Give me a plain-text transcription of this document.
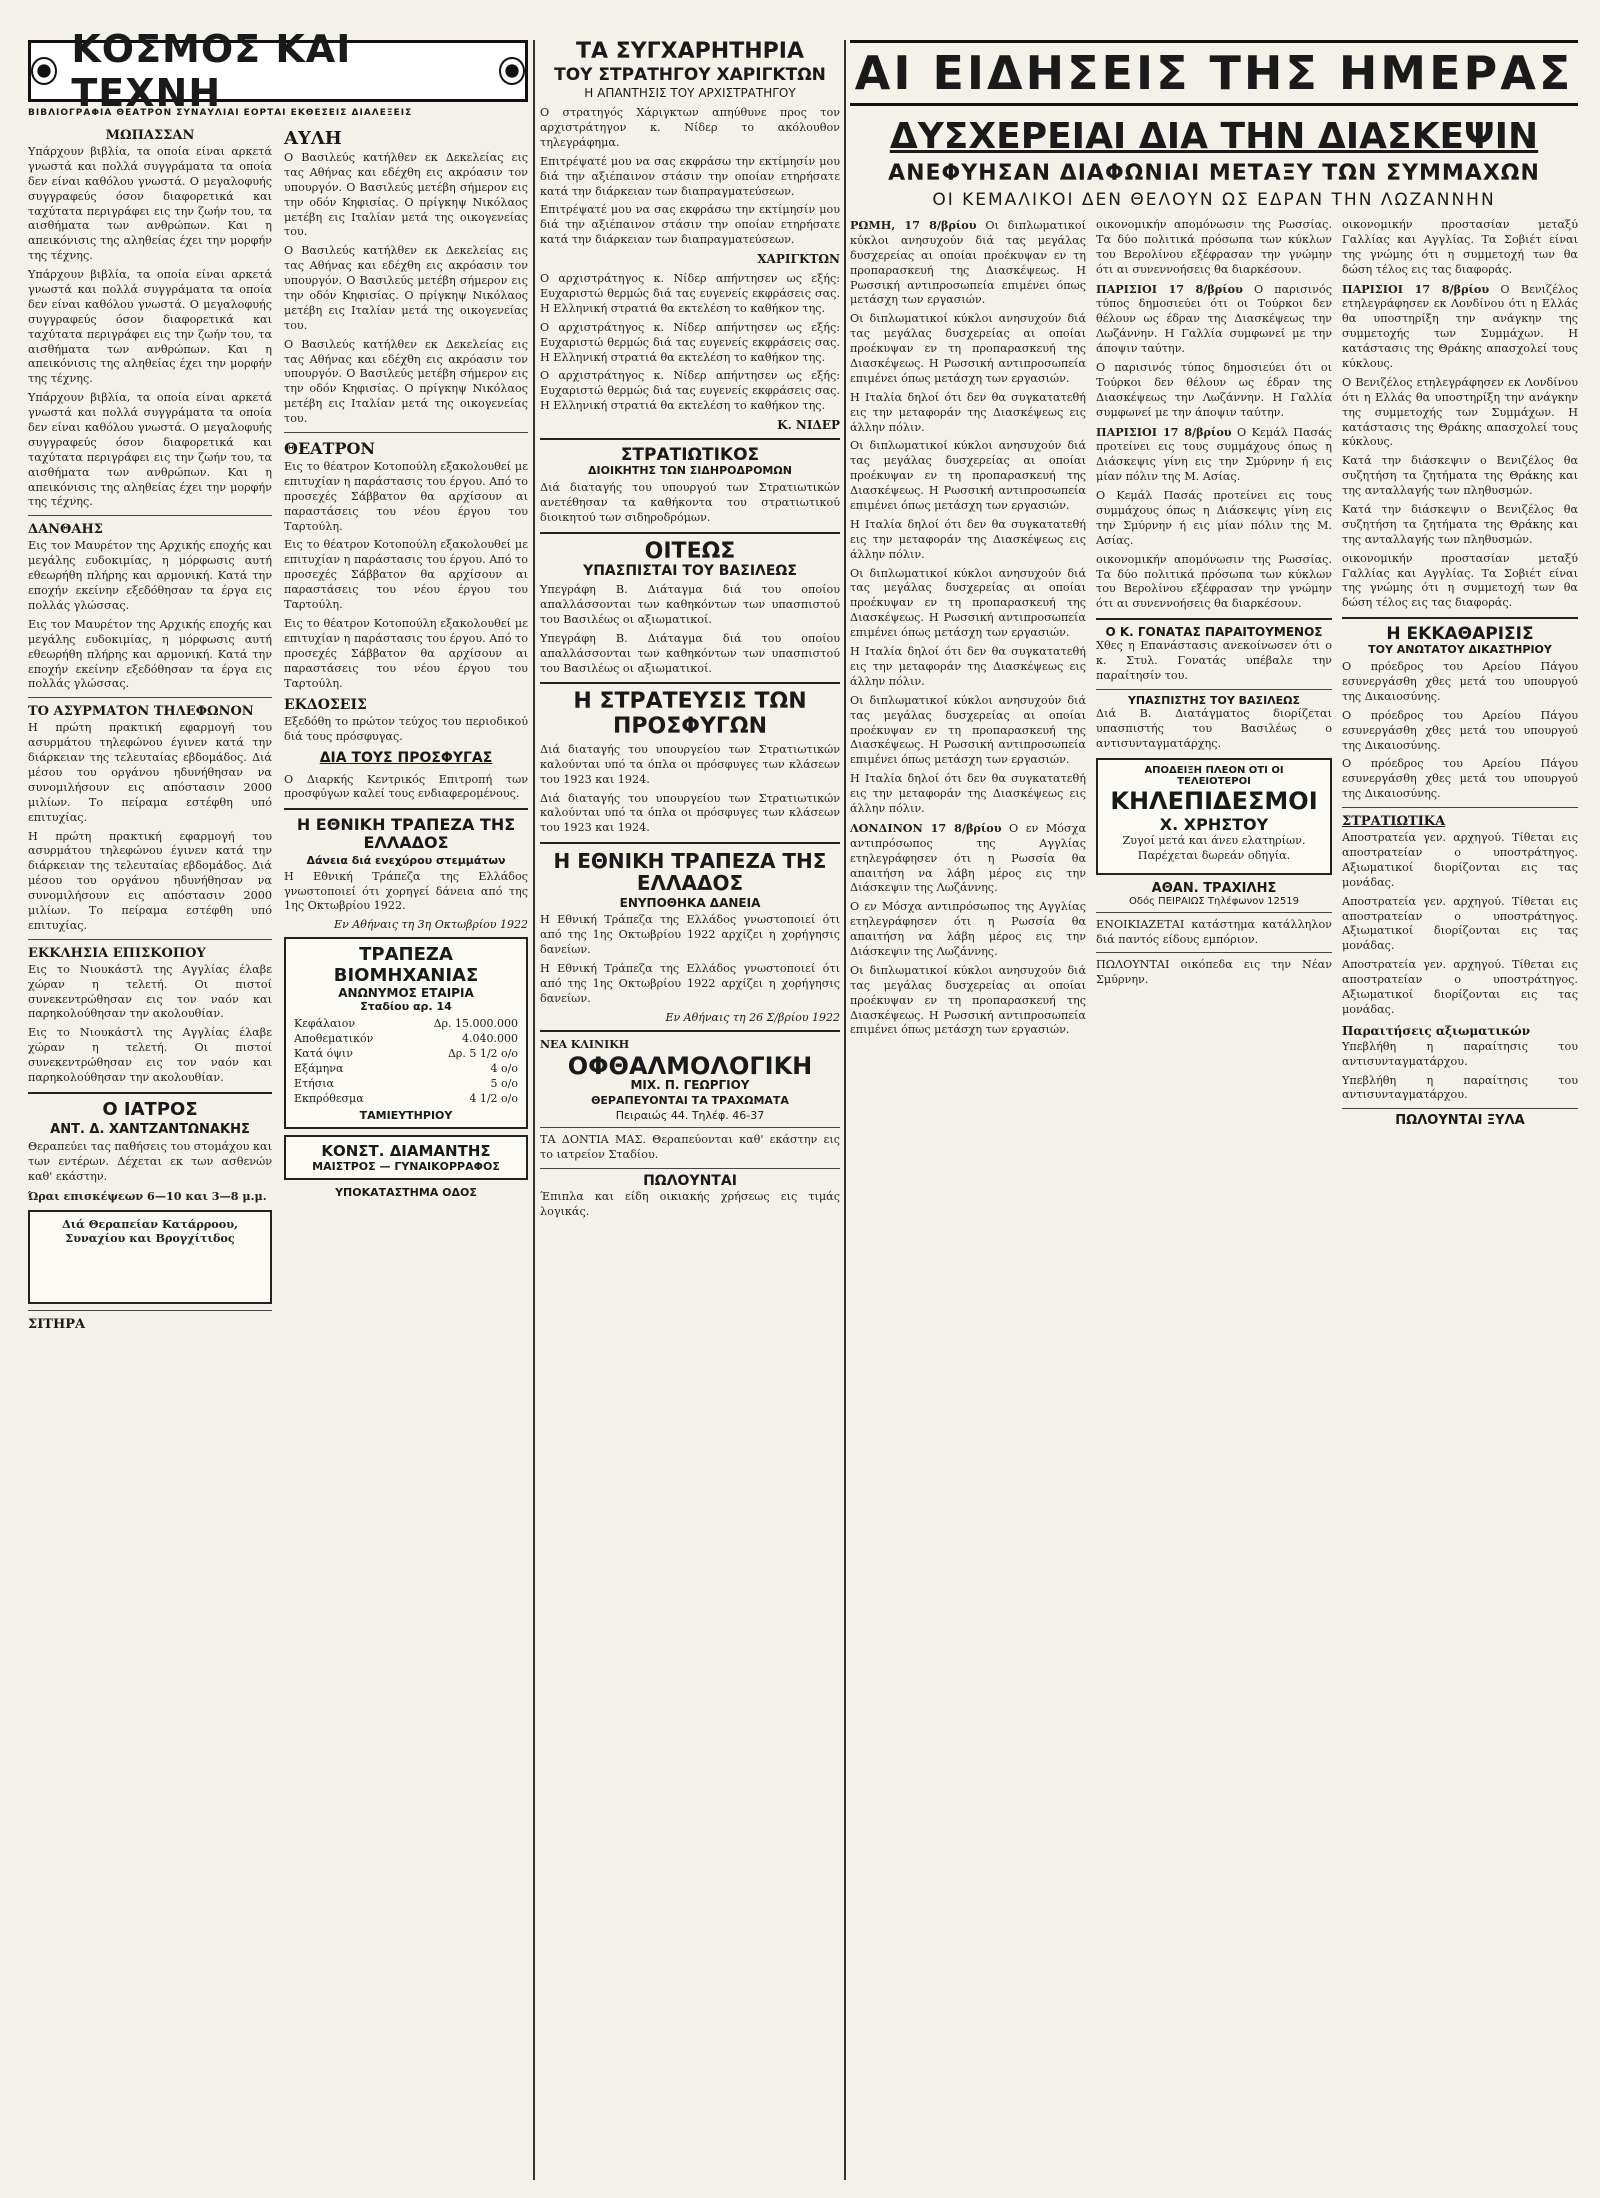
ΚΟΣΜΟΣ ΚΑΙ ΤΕΧΝΗ
ΒΙΒΛΙΟΓΡΑΦΙΑ ΘΕΑΤΡΟΝ ΣΥΝΑΥΛΙΑΙ ΕΟΡΤΑΙ ΕΚΘΕΣΕΙΣ ΔΙΑΛΕΞΕΙΣ
ΜΩΠΑΣΣΑΝ

Υπάρχουν βιβλία, τα οποία είναι αρκετά γνωστά και πολλά συγγράματα τα οποία δεν είναι καθόλου γνωστά. Ο μεγαλοφυής συγγραφεύς όσον διαφορετικά και ταχύτατα περιγράφει εις την ζωήν του, τα αισθήματα των ανθρώπων. Και η απεικόνισις της αληθείας έχει την μορφήν της τέχνης.

Υπάρχουν βιβλία, τα οποία είναι αρκετά γνωστά και πολλά συγγράματα τα οποία δεν είναι καθόλου γνωστά. Ο μεγαλοφυής συγγραφεύς όσον διαφορετικά και ταχύτατα περιγράφει εις την ζωήν του, τα αισθήματα των ανθρώπων. Και η απεικόνισις της αληθείας έχει την μορφήν της τέχνης.

Υπάρχουν βιβλία, τα οποία είναι αρκετά γνωστά και πολλά συγγράματα τα οποία δεν είναι καθόλου γνωστά. Ο μεγαλοφυής συγγραφεύς όσον διαφορετικά και ταχύτατα περιγράφει εις την ζωήν του, τα αισθήματα των ανθρώπων. Και η απεικόνισις της αληθείας έχει την μορφήν της τέχνης.

ΔΑΝΘΑΗΣ

Εις τον Μαυρέτον της Αρχικής εποχής και μεγάλης ευδοκιμίας, η μόρφωσις αυτή εθεωρήθη πλήρης και αρμονική. Κατά την εποχήν εκείνην εξεδόθησαν τα έργα εις πολλάς γλώσσας.

Εις τον Μαυρέτον της Αρχικής εποχής και μεγάλης ευδοκιμίας, η μόρφωσις αυτή εθεωρήθη πλήρης και αρμονική. Κατά την εποχήν εκείνην εξεδόθησαν τα έργα εις πολλάς γλώσσας.

ΤΟ ΑΣΥΡΜΑΤΟΝ ΤΗΛΕΦΩΝΟΝ

Η πρώτη πρακτική εφαρμογή του ασυρμάτου τηλεφώνου έγινεν κατά την διάρκειαν της τελευταίας εβδομάδος. Διά μέσου του οργάνου ηδυνήθησαν να συνομιλήσουν εις απόστασιν 2000 μιλίων. Το πείραμα εστέφθη υπό επιτυχίας.

Η πρώτη πρακτική εφαρμογή του ασυρμάτου τηλεφώνου έγινεν κατά την διάρκειαν της τελευταίας εβδομάδος. Διά μέσου του οργάνου ηδυνήθησαν να συνομιλήσουν εις απόστασιν 2000 μιλίων. Το πείραμα εστέφθη υπό επιτυχίας.

ΕΚΚΛΗΣΙΑ ΕΠΙΣΚΟΠΟΥ

Εις το Νιουκάστλ της Αγγλίας έλαβε χώραν η τελετή. Οι πιστοί συνεκεντρώθησαν εις τον ναόν και παρηκολούθησαν την ακολουθίαν.

Εις το Νιουκάστλ της Αγγλίας έλαβε χώραν η τελετή. Οι πιστοί συνεκεντρώθησαν εις τον ναόν και παρηκολούθησαν την ακολουθίαν.

Ο ΙΑΤΡΟΣ
ΑΝΤ. Δ. ΧΑΝΤΖΑΝΤΩΝΑΚΗΣ

Θεραπεύει τας παθήσεις του στομάχου και των εντέρων. Δέχεται εκ των ασθενών καθ' εκάστην.

Ώραι επισκέψεων 6—10 και 3—8 μ.μ.

Διά Θεραπείαν Κατάρροου, Συναχίου και Βρογχίτιδος

ΣΙΤΗΡΑ
ΑΥΛΗ

Ο Βασιλεύς κατήλθεν εκ Δεκελείας εις τας Αθήνας και εδέχθη εις ακρόασιν τον υπουργόν. Ο Βασιλεύς μετέβη σήμερον εις την οδόν Κηφισίας. Ο πρίγκηψ Νικόλαος μετέβη εις Ιταλίαν μετά της οικογενείας του.

Ο Βασιλεύς κατήλθεν εκ Δεκελείας εις τας Αθήνας και εδέχθη εις ακρόασιν τον υπουργόν. Ο Βασιλεύς μετέβη σήμερον εις την οδόν Κηφισίας. Ο πρίγκηψ Νικόλαος μετέβη εις Ιταλίαν μετά της οικογενείας του.

Ο Βασιλεύς κατήλθεν εκ Δεκελείας εις τας Αθήνας και εδέχθη εις ακρόασιν τον υπουργόν. Ο Βασιλεύς μετέβη σήμερον εις την οδόν Κηφισίας. Ο πρίγκηψ Νικόλαος μετέβη εις Ιταλίαν μετά της οικογενείας του.

ΘΕΑΤΡΟΝ

Εις το θέατρον Κοτοπούλη εξακολουθεί με επιτυχίαν η παράστασις του έργου. Από το προσεχές Σάββατον θα αρχίσουν αι παραστάσεις του νέου έργου του Ταρτούλη.

Εις το θέατρον Κοτοπούλη εξακολουθεί με επιτυχίαν η παράστασις του έργου. Από το προσεχές Σάββατον θα αρχίσουν αι παραστάσεις του νέου έργου του Ταρτούλη.

Εις το θέατρον Κοτοπούλη εξακολουθεί με επιτυχίαν η παράστασις του έργου. Από το προσεχές Σάββατον θα αρχίσουν αι παραστάσεις του νέου έργου του Ταρτούλη.

ΕΚΔΟΣΕΙΣ

Εξεδόθη το πρώτον τεύχος του περιοδικού διά τους πρόσφυγας.

ΔΙΑ ΤΟΥΣ ΠΡΟΣΦΥΓΑΣ

Ο Διαρκής Κεντρικός Επιτροπή των προσφύγων καλεί τους ενδιαφερομένους.

Η ΕΘΝΙΚΗ ΤΡΑΠΕΖΑ ΤΗΣ ΕΛΛΑΔΟΣ
Δάνεια διά ενεχύρου στεμμάτων

Η Εθνική Τράπεζα της Ελλάδος γνωστοποιεί ότι χορηγεί δάνεια από της 1ης Οκτωβρίου 1922.

Εν Αθήναις τη 3η Οκτωβρίου 1922
ΤΡΑΠΕΖΑ ΒΙΟΜΗΧΑΝΙΑΣ
ΑΝΩΝΥΜΟΣ ΕΤΑΙΡΙΑ
Σταδίου αρ. 14
Κεφάλαιον	Δρ. 15.000.000
Αποθεματικόν	4.040.000
Κατά όψιν	Δρ. 5 1/2 ο/ο
Εξάμηνα	4 ο/ο
Ετήσια	5 ο/ο
Εκπρόθεσμα	4 1/2 ο/ο
ΤΑΜΙΕΥΤΗΡΙΟΥ
ΚΟΝΣΤ. ΔΙΑΜΑΝΤΗΣ
ΜΑΙΣΤΡΟΣ — ΓΥΝΑΙΚΟΡΡΑΦΟΣ
ΥΠΟΚΑΤΑΣΤΗΜΑ ΟΔΟΣ
ΤΑ ΣΥΓΧΑΡΗΤΗΡΙΑ
ΤΟΥ ΣΤΡΑΤΗΓΟΥ ΧΑΡΙΓΚΤΩΝ
Η ΑΠΑΝΤΗΣΙΣ ΤΟΥ ΑΡΧΙΣΤΡΑΤΗΓΟΥ

Ο στρατηγός Χάριγκτων απηύθυνε προς τον αρχιστράτηγον κ. Νίδερ το ακόλουθον τηλεγράφημα.

Επιτρέψατέ μου να σας εκφράσω την εκτίμησίν μου διά την αξιέπαινον στάσιν την οποίαν ετηρήσατε κατά την διάρκειαν των διαπραγματεύσεων.

Επιτρέψατέ μου να σας εκφράσω την εκτίμησίν μου διά την αξιέπαινον στάσιν την οποίαν ετηρήσατε κατά την διάρκειαν των διαπραγματεύσεων.

ΧΑΡΙΓΚΤΩΝ

Ο αρχιστράτηγος κ. Νίδερ απήντησεν ως εξής: Ευχαριστώ θερμώς διά τας ευγενείς εκφράσεις σας. Η Ελληνική στρατιά θα εκτελέση το καθήκον της.

Ο αρχιστράτηγος κ. Νίδερ απήντησεν ως εξής: Ευχαριστώ θερμώς διά τας ευγενείς εκφράσεις σας. Η Ελληνική στρατιά θα εκτελέση το καθήκον της.

Ο αρχιστράτηγος κ. Νίδερ απήντησεν ως εξής: Ευχαριστώ θερμώς διά τας ευγενείς εκφράσεις σας. Η Ελληνική στρατιά θα εκτελέση το καθήκον της.

Κ. ΝΙΔΕΡ
ΣΤΡΑΤΙΩΤΙΚΟΣ
ΔΙΟΙΚΗΤΗΣ ΤΩΝ ΣΙΔΗΡΟΔΡΟΜΩΝ

Διά διαταγής του υπουργού των Στρατιωτικών ανετέθησαν τα καθήκοντα του στρατιωτικού διοικητού των σιδηροδρόμων.

ΟΙΤΕΩΣ
ΥΠΑΣΠΙΣΤΑΙ ΤΟΥ ΒΑΣΙΛΕΩΣ

Υπεγράφη Β. Διάταγμα διά του οποίου απαλλάσσονται των καθηκόντων των υπασπιστού του Βασιλέως οι αξιωματικοί.

Υπεγράφη Β. Διάταγμα διά του οποίου απαλλάσσονται των καθηκόντων των υπασπιστού του Βασιλέως οι αξιωματικοί.

Η ΣΤΡΑΤΕΥΣΙΣ ΤΩΝ ΠΡΟΣΦΥΓΩΝ

Διά διαταγής του υπουργείου των Στρατιωτικών καλούνται υπό τα όπλα οι πρόσφυγες των κλάσεων του 1923 και 1924.

Διά διαταγής του υπουργείου των Στρατιωτικών καλούνται υπό τα όπλα οι πρόσφυγες των κλάσεων του 1923 και 1924.

Η ΕΘΝΙΚΗ ΤΡΑΠΕΖΑ ΤΗΣ ΕΛΛΑΔΟΣ
ΕΝΥΠΟΘΗΚΑ ΔΑΝΕΙΑ

Η Εθνική Τράπεζα της Ελλάδος γνωστοποιεί ότι από της 1ης Οκτωβρίου 1922 αρχίζει η χορήγησις δανείων.

Η Εθνική Τράπεζα της Ελλάδος γνωστοποιεί ότι από της 1ης Οκτωβρίου 1922 αρχίζει η χορήγησις δανείων.

Εν Αθήναις τη 26 Σ/βρίου 1922
ΝΕΑ ΚΛΙΝΙΚΗ
ΟΦΘΑΛΜΟΛΟΓΙΚΗ
ΜΙΧ. Π. ΓΕΩΡΓΙΟΥ
ΘΕΡΑΠΕΥΟΝΤΑΙ ΤΑ ΤΡΑΧΩΜΑΤΑ
Πειραιώς 44. Τηλέφ. 46-37

ΤΑ ΔΟΝΤΙΑ ΜΑΣ. Θεραπεύονται καθ' εκάστην εις το ιατρείον Σταδίου.

ΠΩΛΟΥΝΤΑΙ

Έπιπλα και είδη οικιακής χρήσεως εις τιμάς λογικάς.

ΑΙ ΕΙΔΗΣΕΙΣ ΤΗΣ ΗΜΕΡΑΣ
ΔΥΣΧΕΡΕΙΑΙ ΔΙΑ ΤΗΝ ΔΙΑΣΚΕΨΙΝ
ΑΝΕΦΥΗΣΑΝ ΔΙΑΦΩΝΙΑΙ ΜΕΤΑΞΥ ΤΩΝ ΣΥΜΜΑΧΩΝ
ΟΙ ΚΕΜΑΛΙΚΟΙ ΔΕΝ ΘΕΛΟΥΝ ΩΣ ΕΔΡΑΝ ΤΗΝ ΛΩΖΑΝΝΗΝ

ΡΩΜΗ, 17 8/βρίου Οι διπλωματικοί κύκλοι ανησυχούν διά τας μεγάλας δυσχερείας αι οποίαι προέκυψαν εν τη προπαρασκευή της Διασκέψεως. Η Ρωσσική αντιπροσωπεία επιμένει όπως μετάσχη των εργασιών.

Οι διπλωματικοί κύκλοι ανησυχούν διά τας μεγάλας δυσχερείας αι οποίαι προέκυψαν εν τη προπαρασκευή της Διασκέψεως. Η Ρωσσική αντιπροσωπεία επιμένει όπως μετάσχη των εργασιών.

Η Ιταλία δηλοί ότι δεν θα συγκατατεθή εις την μεταφοράν της Διασκέψεως εις άλλην πόλιν.

Οι διπλωματικοί κύκλοι ανησυχούν διά τας μεγάλας δυσχερείας αι οποίαι προέκυψαν εν τη προπαρασκευή της Διασκέψεως. Η Ρωσσική αντιπροσωπεία επιμένει όπως μετάσχη των εργασιών.

Η Ιταλία δηλοί ότι δεν θα συγκατατεθή εις την μεταφοράν της Διασκέψεως εις άλλην πόλιν.

Οι διπλωματικοί κύκλοι ανησυχούν διά τας μεγάλας δυσχερείας αι οποίαι προέκυψαν εν τη προπαρασκευή της Διασκέψεως. Η Ρωσσική αντιπροσωπεία επιμένει όπως μετάσχη των εργασιών.

Η Ιταλία δηλοί ότι δεν θα συγκατατεθή εις την μεταφοράν της Διασκέψεως εις άλλην πόλιν.

Οι διπλωματικοί κύκλοι ανησυχούν διά τας μεγάλας δυσχερείας αι οποίαι προέκυψαν εν τη προπαρασκευή της Διασκέψεως. Η Ρωσσική αντιπροσωπεία επιμένει όπως μετάσχη των εργασιών.

Η Ιταλία δηλοί ότι δεν θα συγκατατεθή εις την μεταφοράν της Διασκέψεως εις άλλην πόλιν.

ΛΟΝΔΙΝΟΝ 17 8/βρίου Ο εν Μόσχα αντιπρόσωπος της Αγγλίας ετηλεγράφησεν ότι η Ρωσσία θα απαιτήση να λάβη μέρος εις την Διάσκεψιν της Λωζάννης.

Ο εν Μόσχα αντιπρόσωπος της Αγγλίας ετηλεγράφησεν ότι η Ρωσσία θα απαιτήση να λάβη μέρος εις την Διάσκεψιν της Λωζάννης.

Οι διπλωματικοί κύκλοι ανησυχούν διά τας μεγάλας δυσχερείας αι οποίαι προέκυψαν εν τη προπαρασκευή της Διασκέψεως. Η Ρωσσική αντιπροσωπεία επιμένει όπως μετάσχη των εργασιών.

οικονομικήν απομόνωσιν της Ρωσσίας. Τα δύο πολιτικά πρόσωπα των κύκλων του Βερολίνου εξέφρασαν την γνώμην ότι αι συνεννοήσεις θα διαρκέσουν.

ΠΑΡΙΣΙΟΙ 17 8/βρίου Ο παρισινός τύπος δημοσιεύει ότι οι Τούρκοι δεν θέλουν ως έδραν της Διασκέψεως την Λωζάννην. Η Γαλλία συμφωνεί με την άποψιν ταύτην.

Ο παρισινός τύπος δημοσιεύει ότι οι Τούρκοι δεν θέλουν ως έδραν της Διασκέψεως την Λωζάννην. Η Γαλλία συμφωνεί με την άποψιν ταύτην.

ΠΑΡΙΣΙΟΙ 17 8/βρίου Ο Κεμάλ Πασάς προτείνει εις τους συμμάχους όπως η Διάσκεψις γίνη εις την Σμύρνην ή εις μίαν πόλιν της Μ. Ασίας.

Ο Κεμάλ Πασάς προτείνει εις τους συμμάχους όπως η Διάσκεψις γίνη εις την Σμύρνην ή εις μίαν πόλιν της Μ. Ασίας.

οικονομικήν απομόνωσιν της Ρωσσίας. Τα δύο πολιτικά πρόσωπα των κύκλων του Βερολίνου εξέφρασαν την γνώμην ότι αι συνεννοήσεις θα διαρκέσουν.

Ο Κ. ΓΟΝΑΤΑΣ ΠΑΡΑΙΤΟΥΜΕΝΟΣ

Χθες η Επανάστασις ανεκοίνωσεν ότι ο κ. Στυλ. Γονατάς υπέβαλε την παραίτησίν του.

ΥΠΑΣΠΙΣΤΗΣ ΤΟΥ ΒΑΣΙΛΕΩΣ

Διά Β. Διατάγματος διορίζεται υπασπιστής του Βασιλέως ο αντισυνταγματάρχης.

ΑΠΟΔΕΙΞΗ ΠΛΕΟΝ ΟΤΙ ΟΙ ΤΕΛΕΙΟΤΕΡΟΙ
ΚΗΛΕΠΙΔΕΣΜΟΙ
Χ. ΧΡΗΣΤΟΥ

Ζυγοί μετά και άνευ ελατηρίων. Παρέχεται δωρεάν οδηγία.

ΑΘΑΝ. ΤΡΑΧΙΛΗΣ
Οδός ΠΕΙΡΑΙΩΣ Τηλέφωνον 12519

ΕΝΟΙΚΙΑΖΕΤΑΙ κατάστημα κατάλληλον διά παντός είδους εμπόριον.

ΠΩΛΟΥΝΤΑΙ οικόπεδα εις την Νέαν Σμύρνην.

οικονομικήν προστασίαν μεταξύ Γαλλίας και Αγγλίας. Τα Σοβιέτ είναι της γνώμης ότι η συμμετοχή των θα δώση τέλος εις τας διαφοράς.

ΠΑΡΙΣΙΟΙ 17 8/βρίου Ο Βενιζέλος ετηλεγράφησεν εκ Λονδίνου ότι η Ελλάς θα υποστηρίξη την ανάγκην της συμμετοχής των Συμμάχων. Η κατάστασις της Θράκης απασχολεί τους κύκλους.

Ο Βενιζέλος ετηλεγράφησεν εκ Λονδίνου ότι η Ελλάς θα υποστηρίξη την ανάγκην της συμμετοχής των Συμμάχων. Η κατάστασις της Θράκης απασχολεί τους κύκλους.

Κατά την διάσκεψιν ο Βενιζέλος θα συζητήση τα ζητήματα της Θράκης και της ανταλλαγής των πληθυσμών.

Κατά την διάσκεψιν ο Βενιζέλος θα συζητήση τα ζητήματα της Θράκης και της ανταλλαγής των πληθυσμών.

οικονομικήν προστασίαν μεταξύ Γαλλίας και Αγγλίας. Τα Σοβιέτ είναι της γνώμης ότι η συμμετοχή των θα δώση τέλος εις τας διαφοράς.

Η ΕΚΚΑΘΑΡΙΣΙΣ
ΤΟΥ ΑΝΩΤΑΤΟΥ ΔΙΚΑΣΤΗΡΙΟΥ

Ο πρόεδρος του Αρείου Πάγου εσυνεργάσθη χθες μετά του υπουργού της Δικαιοσύνης.

Ο πρόεδρος του Αρείου Πάγου εσυνεργάσθη χθες μετά του υπουργού της Δικαιοσύνης.

Ο πρόεδρος του Αρείου Πάγου εσυνεργάσθη χθες μετά του υπουργού της Δικαιοσύνης.

ΣΤΡΑΤΙΩΤΙΚΑ

Αποστρατεία γεν. αρχηγού. Τίθεται εις αποστρατείαν ο υποστράτηγος. Αξιωματικοί διορίζονται εις τας μονάδας.

Αποστρατεία γεν. αρχηγού. Τίθεται εις αποστρατείαν ο υποστράτηγος. Αξιωματικοί διορίζονται εις τας μονάδας.

Αποστρατεία γεν. αρχηγού. Τίθεται εις αποστρατείαν ο υποστράτηγος. Αξιωματικοί διορίζονται εις τας μονάδας.

Παραιτήσεις αξιωματικών

Υπεβλήθη η παραίτησις του αντισυνταγματάρχου.

Υπεβλήθη η παραίτησις του αντισυνταγματάρχου.

ΠΩΛΟΥΝΤΑΙ ΞΥΛΑ
